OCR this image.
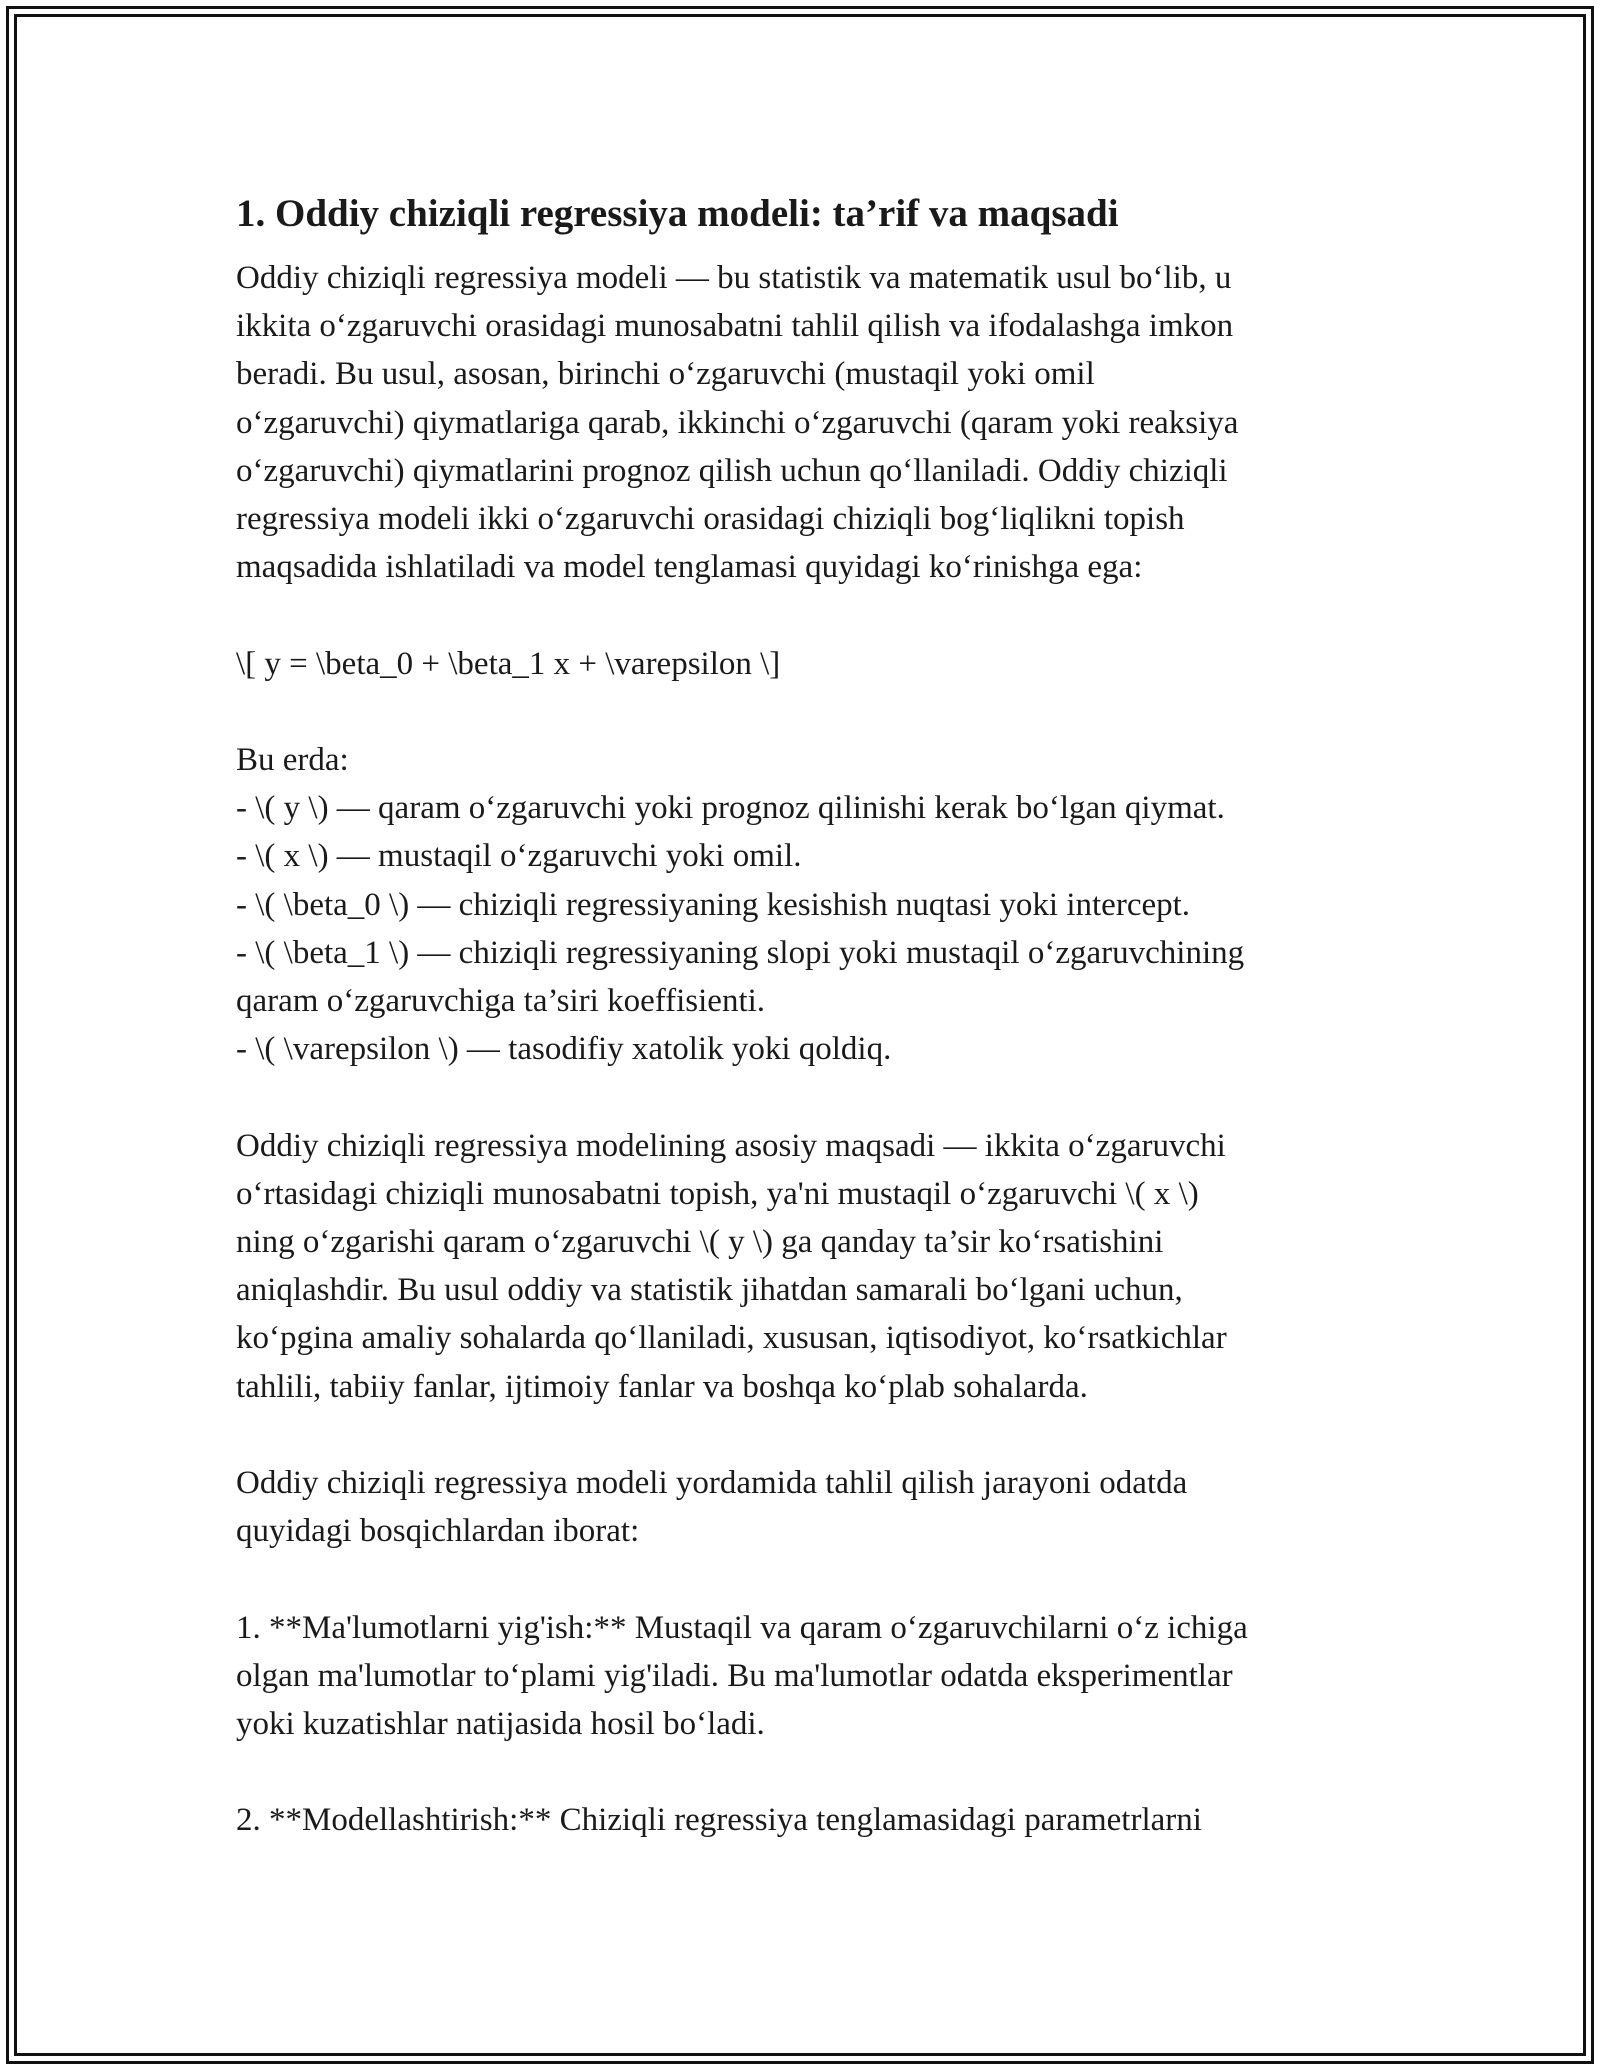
1. Oddiy chiziqli regressiya modeli: ta’rif va maqsadi

Oddiy chiziqli regressiya modeli — bu statistik va matematik usul bo‘lib, u

ikkita o‘zgaruvchi orasidagi munosabatni tahlil qilish va ifodalashga imkon

beradi. Bu usul, asosan, birinchi o‘zgaruvchi (mustaqil yoki omil

o‘zgaruvchi) qiymatlariga qarab, ikkinchi o‘zgaruvchi (qaram yoki reaksiya

o‘zgaruvchi) qiymatlarini prognoz qilish uchun qo‘llaniladi. Oddiy chiziqli

regressiya modeli ikki o‘zgaruvchi orasidagi chiziqli bog‘liqlikni topish

maqsadida ishlatiladi va model tenglamasi quyidagi ko‘rinishga ega:

\[ y = \beta_0 + \beta_1 x + \varepsilon \]

Bu erda:

- \( y \) — qaram o‘zgaruvchi yoki prognoz qilinishi kerak bo‘lgan qiymat.

- \( x \) — mustaqil o‘zgaruvchi yoki omil.

- \( \beta_0 \) — chiziqli regressiyaning kesishish nuqtasi yoki intercept.

- \( \beta_1 \) — chiziqli regressiyaning slopi yoki mustaqil o‘zgaruvchining

qaram o‘zgaruvchiga ta’siri koeffisienti.

- \( \varepsilon \) — tasodifiy xatolik yoki qoldiq.

Oddiy chiziqli regressiya modelining asosiy maqsadi — ikkita o‘zgaruvchi

o‘rtasidagi chiziqli munosabatni topish, ya'ni mustaqil o‘zgaruvchi \( x \)

ning o‘zgarishi qaram o‘zgaruvchi \( y \) ga qanday ta’sir ko‘rsatishini

aniqlashdir. Bu usul oddiy va statistik jihatdan samarali bo‘lgani uchun,

ko‘pgina amaliy sohalarda qo‘llaniladi, xususan, iqtisodiyot, ko‘rsatkichlar

tahlili, tabiiy fanlar, ijtimoiy fanlar va boshqa ko‘plab sohalarda.

Oddiy chiziqli regressiya modeli yordamida tahlil qilish jarayoni odatda

quyidagi bosqichlardan iborat:

1. **Ma'lumotlarni yig'ish:** Mustaqil va qaram o‘zgaruvchilarni o‘z ichiga

olgan ma'lumotlar to‘plami yig'iladi. Bu ma'lumotlar odatda eksperimentlar

yoki kuzatishlar natijasida hosil bo‘ladi.

2. **Modellashtirish:** Chiziqli regressiya tenglamasidagi parametrlarni
